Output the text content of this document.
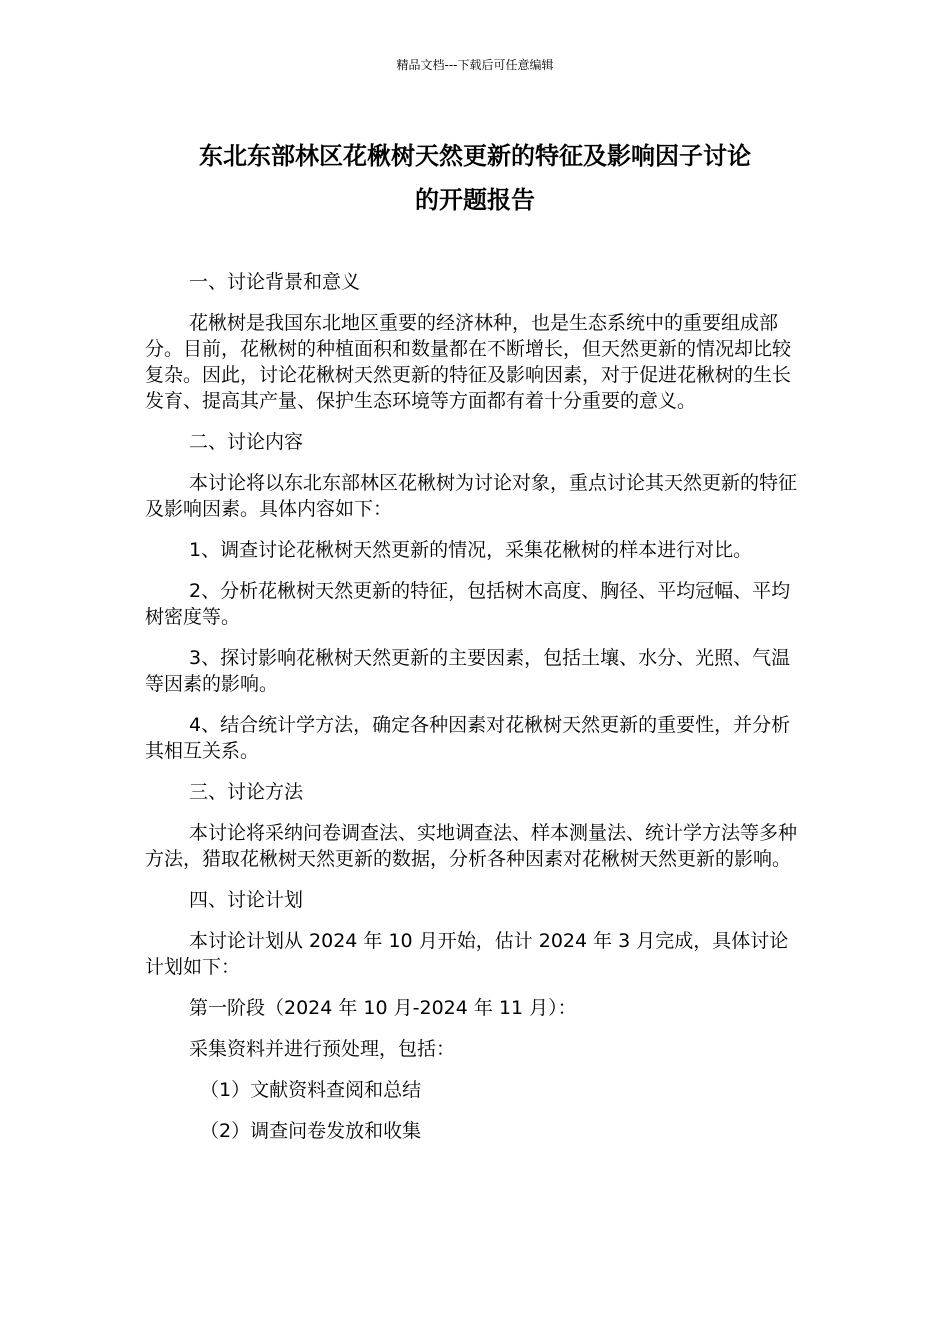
精品文档---下载后可任意编辑
东北东部林区花楸树天然更新的特征及影响因子讨论
的开题报告

一、讨论背景和意义

花楸树是我国东北地区重要的经济林种，也是生态系统中的重要组成部分。目前，花楸树的种植面积和数量都在不断增长，但天然更新的情况却比较复杂。因此，讨论花楸树天然更新的特征及影响因素，对于促进花楸树的生长发育、提高其产量、保护生态环境等方面都有着十分重要的意义。

二、讨论内容

本讨论将以东北东部林区花楸树为讨论对象，重点讨论其天然更新的特征及影响因素。具体内容如下：

1、调查讨论花楸树天然更新的情况，采集花楸树的样本进行对比。

2、分析花楸树天然更新的特征，包括树木高度、胸径、平均冠幅、平均树密度等。

3、探讨影响花楸树天然更新的主要因素，包括土壤、水分、光照、气温等因素的影响。

4、结合统计学方法，确定各种因素对花楸树天然更新的重要性，并分析其相互关系。

三、讨论方法

本讨论将采纳问卷调查法、实地调查法、样本测量法、统计学方法等多种方法，猎取花楸树天然更新的数据，分析各种因素对花楸树天然更新的影响。

四、讨论计划

本讨论计划从 2024 年 10 月开始，估计 2024 年 3 月完成，具体讨论计划如下：

第一阶段（2024 年 10 月-2024 年 11 月）：

采集资料并进行预处理，包括：

（1）文献资料查阅和总结

（2）调查问卷发放和收集
